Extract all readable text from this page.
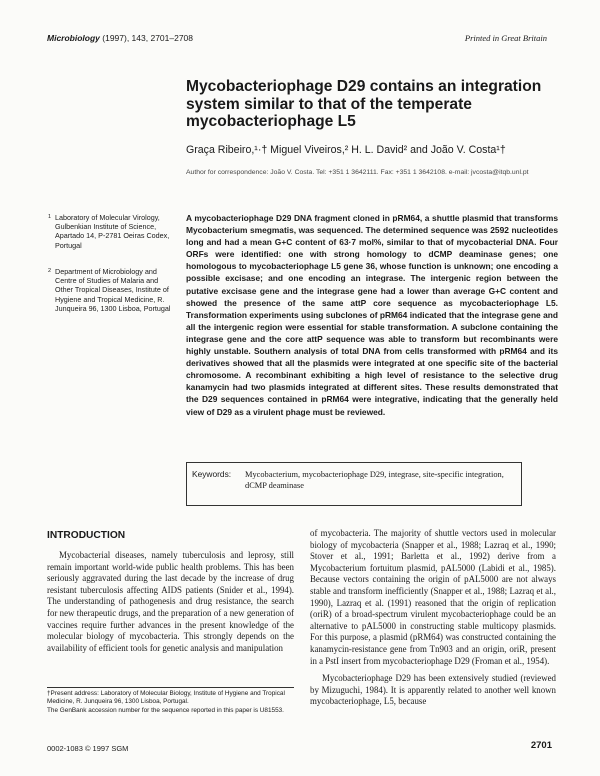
Microbiology (1997), 143, 2701–2708	Printed in Great Britain
Mycobacteriophage D29 contains an integration system similar to that of the temperate mycobacteriophage L5
Graça Ribeiro,¹·† Miguel Viveiros,² H. L. David² and João V. Costa¹†
Author for correspondence: João V. Costa. Tel: +351 1 3642111. Fax: +351 1 3642108. e-mail: jvcosta@itqb.unl.pt
1 Laboratory of Molecular Virology, Gulbenkian Institute of Science, Apartado 14, P-2781 Oeiras Codex, Portugal
2 Department of Microbiology and Centre of Studies of Malaria and Other Tropical Diseases, Institute of Hygiene and Tropical Medicine, R. Junqueira 96, 1300 Lisboa, Portugal
A mycobacteriophage D29 DNA fragment cloned in pRM64, a shuttle plasmid that transforms Mycobacterium smegmatis, was sequenced. The determined sequence was 2592 nucleotides long and had a mean G+C content of 63·7 mol%, similar to that of mycobacterial DNA. Four ORFs were identified: one with strong homology to dCMP deaminase genes; one homologous to mycobacteriophage L5 gene 36, whose function is unknown; one encoding a possible excisase; and one encoding an integrase. The intergenic region between the putative excisase gene and the integrase gene had a lower than average G+C content and showed the presence of the same attP core sequence as mycobacteriophage L5. Transformation experiments using subclones of pRM64 indicated that the integrase gene and all the intergenic region were essential for stable transformation. A subclone containing the integrase gene and the core attP sequence was able to transform but recombinants were highly unstable. Southern analysis of total DNA from cells transformed with pRM64 and its derivatives showed that all the plasmids were integrated at one specific site of the bacterial chromosome. A recombinant exhibiting a high level of resistance to the selective drug kanamycin had two plasmids integrated at different sites. These results demonstrated that the D29 sequences contained in pRM64 were integrative, indicating that the generally held view of D29 as a virulent phage must be reviewed.
Keywords: Mycobacterium, mycobacteriophage D29, integrase, site-specific integration, dCMP deaminase
INTRODUCTION

Mycobacterial diseases, namely tuberculosis and leprosy, still remain important world-wide public health problems. This has been seriously aggravated during the last decade by the increase of drug resistant tuberculosis affecting AIDS patients (Snider et al., 1994). The understanding of pathogenesis and drug resistance, the search for new therapeutic drugs, and the preparation of a new generation of vaccines require further advances in the present knowledge of the molecular biology of mycobacteria. This strongly depends on the availability of efficient tools for genetic analysis and manipulation

of mycobacteria. The majority of shuttle vectors used in molecular biology of mycobacteria (Snapper et al., 1988; Lazraq et al., 1990; Stover et al., 1991; Barletta et al., 1992) derive from a Mycobacterium fortuitum plasmid, pAL5000 (Labidi et al., 1985). Because vectors containing the origin of pAL5000 are not always stable and transform inefficiently (Snapper et al., 1988; Lazraq et al., 1990), Lazraq et al. (1991) reasoned that the origin of replication (oriR) of a broad-spectrum virulent mycobacteriophage could be an alternative to pAL5000 in constructing stable multicopy plasmids. For this purpose, a plasmid (pRM64) was constructed containing the kanamycin-resistance gene from Tn903 and an origin, oriR, present in a PstI insert from mycobacteriophage D29 (Froman et al., 1954).

Mycobacteriophage D29 has been extensively studied (reviewed by Mizuguchi, 1984). It is apparently related to another well known mycobacteriophage, L5, because

†Present address: Laboratory of Molecular Biology, Institute of Hygiene and Tropical Medicine, R. Junqueira 96, 1300 Lisboa, Portugal.

The GenBank accession number for the sequence reported in this paper is U81553.

0002-1083 © 1997 SGM	2701
